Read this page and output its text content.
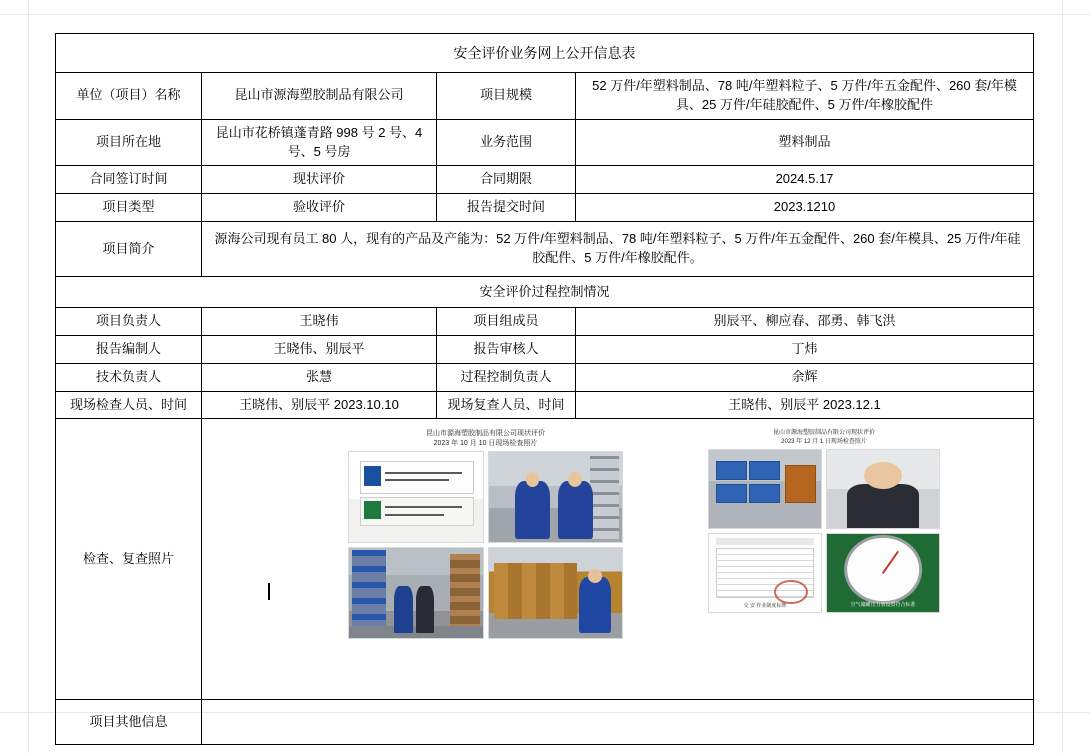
安全评价业务网上公开信息表			
单位（项目）名称	昆山市源海塑胶制品有限公司	项目规模	52 万件/年塑料制品、78 吨/年塑料粒子、5 万件/年五金配件、260 套/年模具、25 万件/年硅胶配件、5 万件/年橡胶配件
项目所在地	昆山市花桥镇蓬青路 998 号 2 号、4 号、5 号房	业务范围	塑料制品
合同签订时间	现状评价	合同期限	2024.5.17
项目类型	验收评价	报告提交时间	2023.1210
项目简介	源海公司现有员工 80 人，现有的产品及产能为：52 万件/年塑料制品、78 吨/年塑料粒子、5 万件/年五金配件、260 套/年模具、25 万件/年硅胶配件、5 万件/年橡胶配件。		
安全评价过程控制情况			
项目负责人	王晓伟	项目组成员	别辰平、柳应春、邵勇、韩飞洪
报告编制人	王晓伟、别辰平	报告审核人	丁炜
技术负责人	张慧	过程控制负责人	余辉
现场检查人员、时间	王晓伟、别辰平 2023.10.10	现场复查人员、时间	王晓伟、别辰平 2023.12.1
检查、复查照片	
昆山市源海塑胶制品有限公司现状评价
2023 年 10 月 10 日现场检查照片
昆山市源海塑胶制品有限公司现状评价
2023 年 12 月 1 日现场检查照片
交 安 作业制度标牌	空气储罐压力表设置符合标准

项目其他信息			
